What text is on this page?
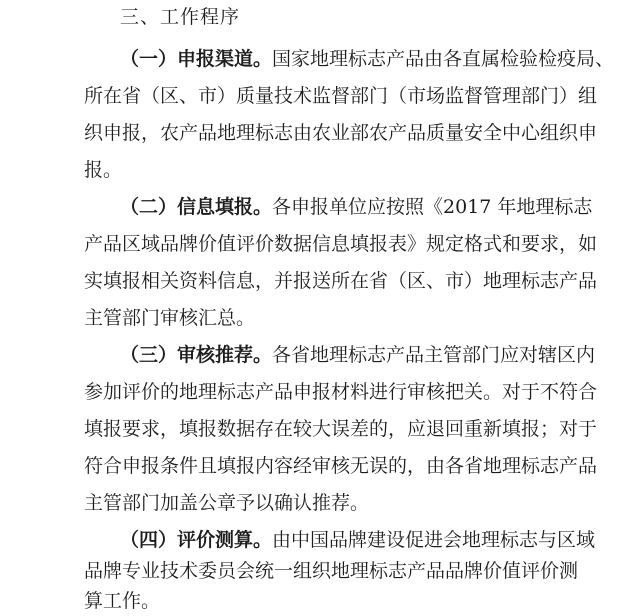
三、工作程序
（一）申报渠道。国家地理标志产品由各直属检验检疫局、
所在省（区、市）质量技术监督部门（市场监督管理部门）组
织申报，农产品地理标志由农业部农产品质量安全中心组织申
报。
（二）信息填报。各申报单位应按照《2017 年地理标志
产品区域品牌价值评价数据信息填报表》规定格式和要求，如
实填报相关资料信息，并报送所在省（区、市）地理标志产品
主管部门审核汇总。
（三）审核推荐。各省地理标志产品主管部门应对辖区内
参加评价的地理标志产品申报材料进行审核把关。对于不符合
填报要求，填报数据存在较大误差的，应退回重新填报；对于
符合申报条件且填报内容经审核无误的，由各省地理标志产品
主管部门加盖公章予以确认推荐。
（四）评价测算。由中国品牌建设促进会地理标志与区域
品牌专业技术委员会统一组织地理标志产品品牌价值评价测
算工作。
